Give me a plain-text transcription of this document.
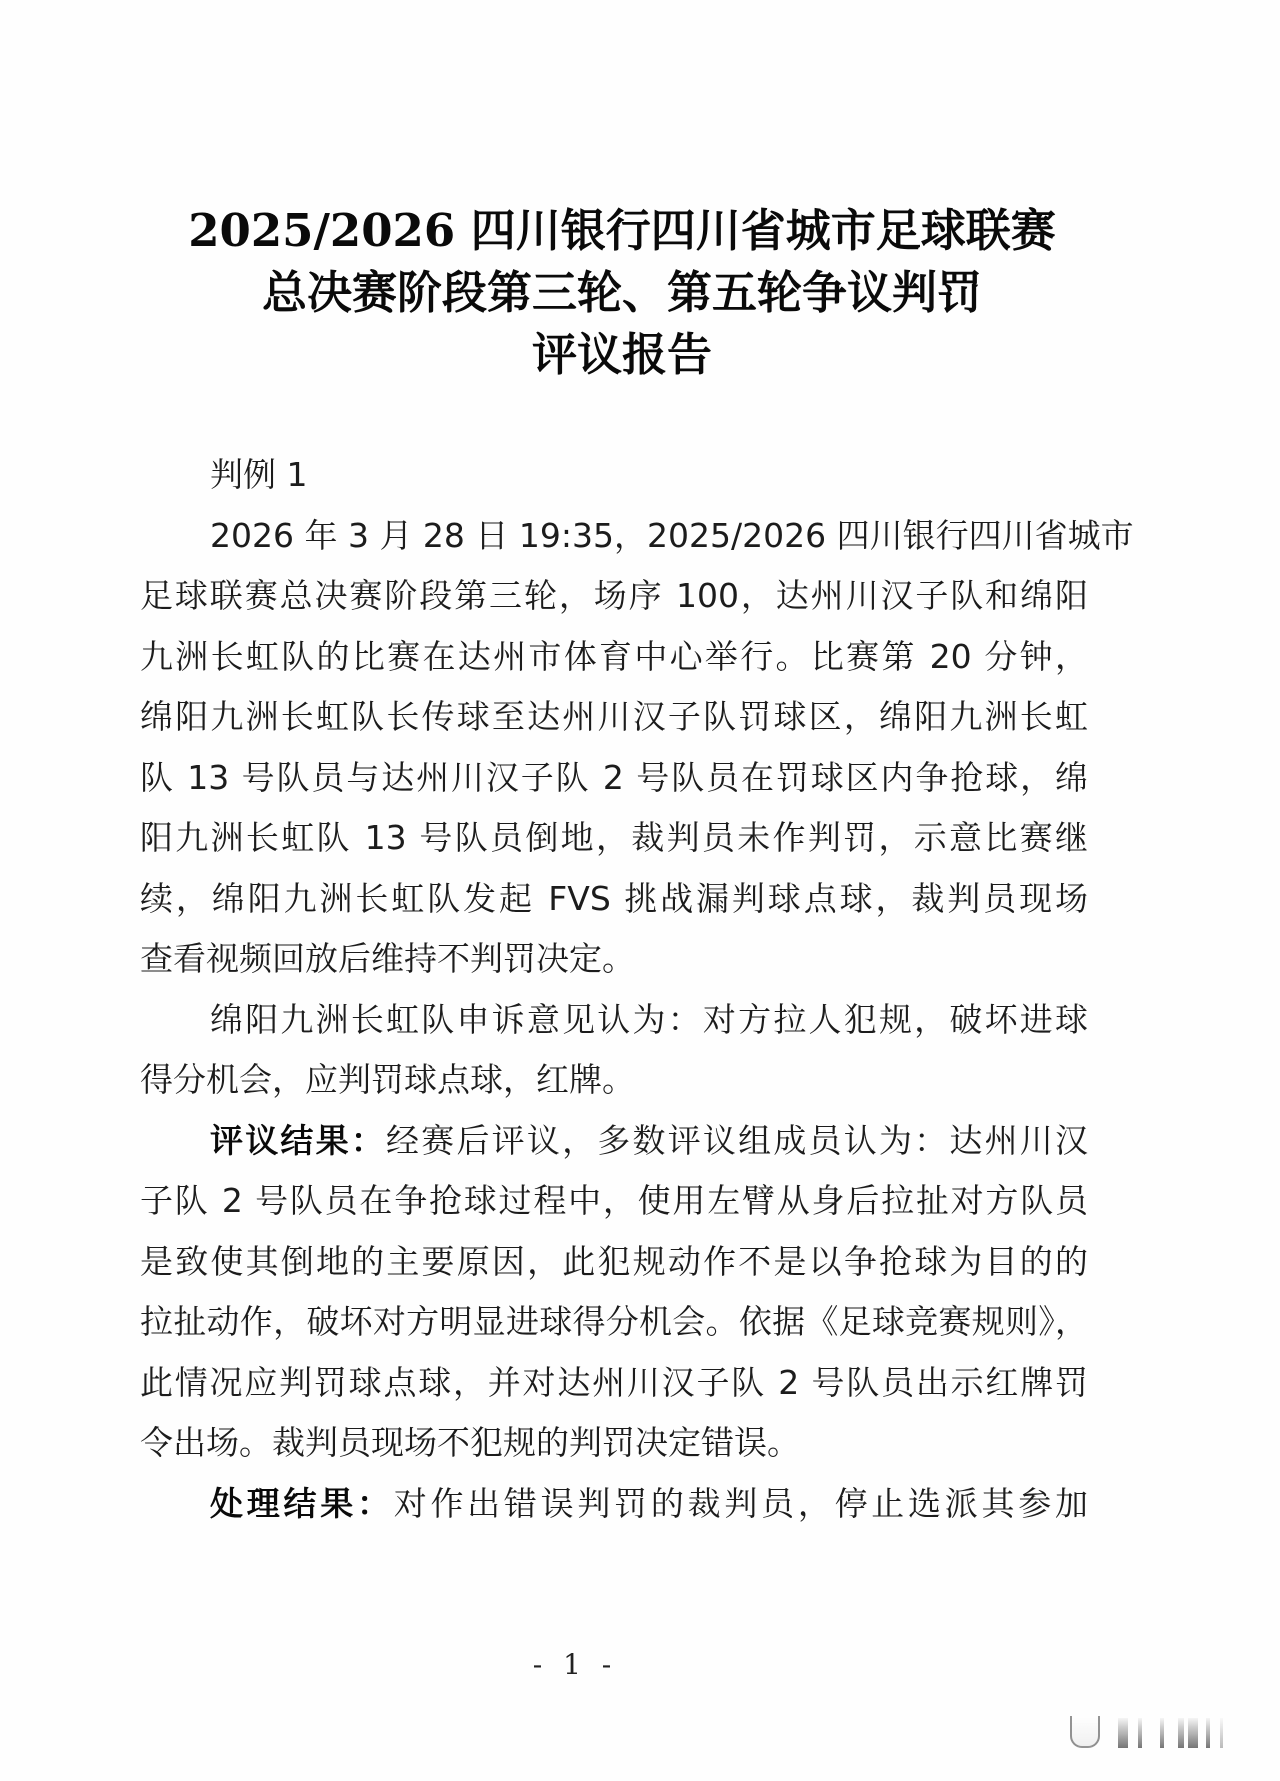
2025/2026 四川银行四川省城市足球联赛
总决赛阶段第三轮、第五轮争议判罚
评议报告
判例 1
2026 年 3 月 28 日 19:35，2025/2026 四川银行四川省城市
足球联赛总决赛阶段第三轮，场序 100，达州川汉子队和绵阳
九洲长虹队的比赛在达州市体育中心举行。比赛第 20 分钟，
绵阳九洲长虹队长传球至达州川汉子队罚球区，绵阳九洲长虹
队 13 号队员与达州川汉子队 2 号队员在罚球区内争抢球，绵
阳九洲长虹队 13 号队员倒地，裁判员未作判罚，示意比赛继
续，绵阳九洲长虹队发起 FVS 挑战漏判球点球，裁判员现场
查看视频回放后维持不判罚决定。
绵阳九洲长虹队申诉意见认为：对方拉人犯规，破坏进球
得分机会，应判罚球点球，红牌。
评议结果：经赛后评议，多数评议组成员认为：达州川汉
子队 2 号队员在争抢球过程中，使用左臂从身后拉扯对方队员
是致使其倒地的主要原因，此犯规动作不是以争抢球为目的的
拉扯动作，破坏对方明显进球得分机会。依据《足球竞赛规则》，
此情况应判罚球点球，并对达州川汉子队 2 号队员出示红牌罚
令出场。裁判员现场不犯规的判罚决定错误。
处理结果：对作出错误判罚的裁判员，停止选派其参加
- 1 -
